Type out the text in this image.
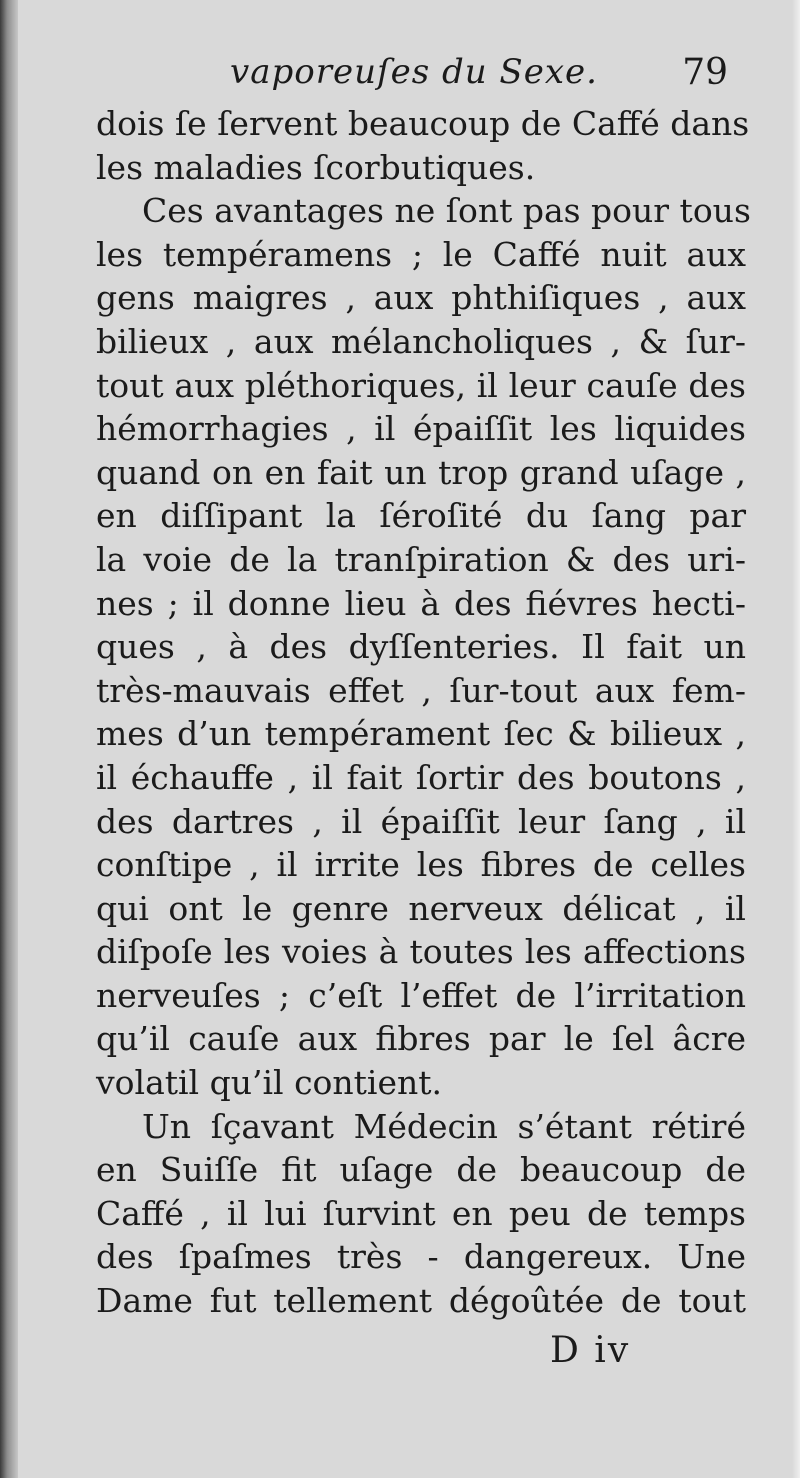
vaporeuſes du Sexe. 79
dois ſe ſervent beaucoup de Caffé dans
les maladies ſcorbutiques.
Ces avantages ne ſont pas pour tous
les tempéramens ; le Caffé nuit aux
gens maigres , aux phthiſiques , aux
bilieux , aux mélancholiques , & ſur-
tout aux pléthoriques, il leur cauſe des
hémorrhagies , il épaiſſit les liquides
quand on en fait un trop grand uſage ,
en diſſipant la ſéroſité du ſang par
la voie de la tranſpiration & des uri-
nes ; il donne lieu à des fiévres hecti-
ques , à des dyſſenteries. Il fait un
très-mauvais effet , ſur-tout aux fem-
mes d’un tempérament ſec & bilieux ,
il échauffe , il fait ſortir des boutons ,
des dartres , il épaiſſit leur ſang , il
conſtipe , il irrite les fibres de celles
qui ont le genre nerveux délicat , il
diſpoſe les voies à toutes les affections
nerveuſes ; c’eſt l’effet de l’irritation
qu’il cauſe aux fibres par le ſel âcre
volatil qu’il contient.
Un ſçavant Médecin s’étant rétiré
en Suiſſe fit uſage de beaucoup de
Caffé , il lui ſurvint en peu de temps
des ſpaſmes très - dangereux. Une
Dame fut tellement dégoûtée de tout
D iv
